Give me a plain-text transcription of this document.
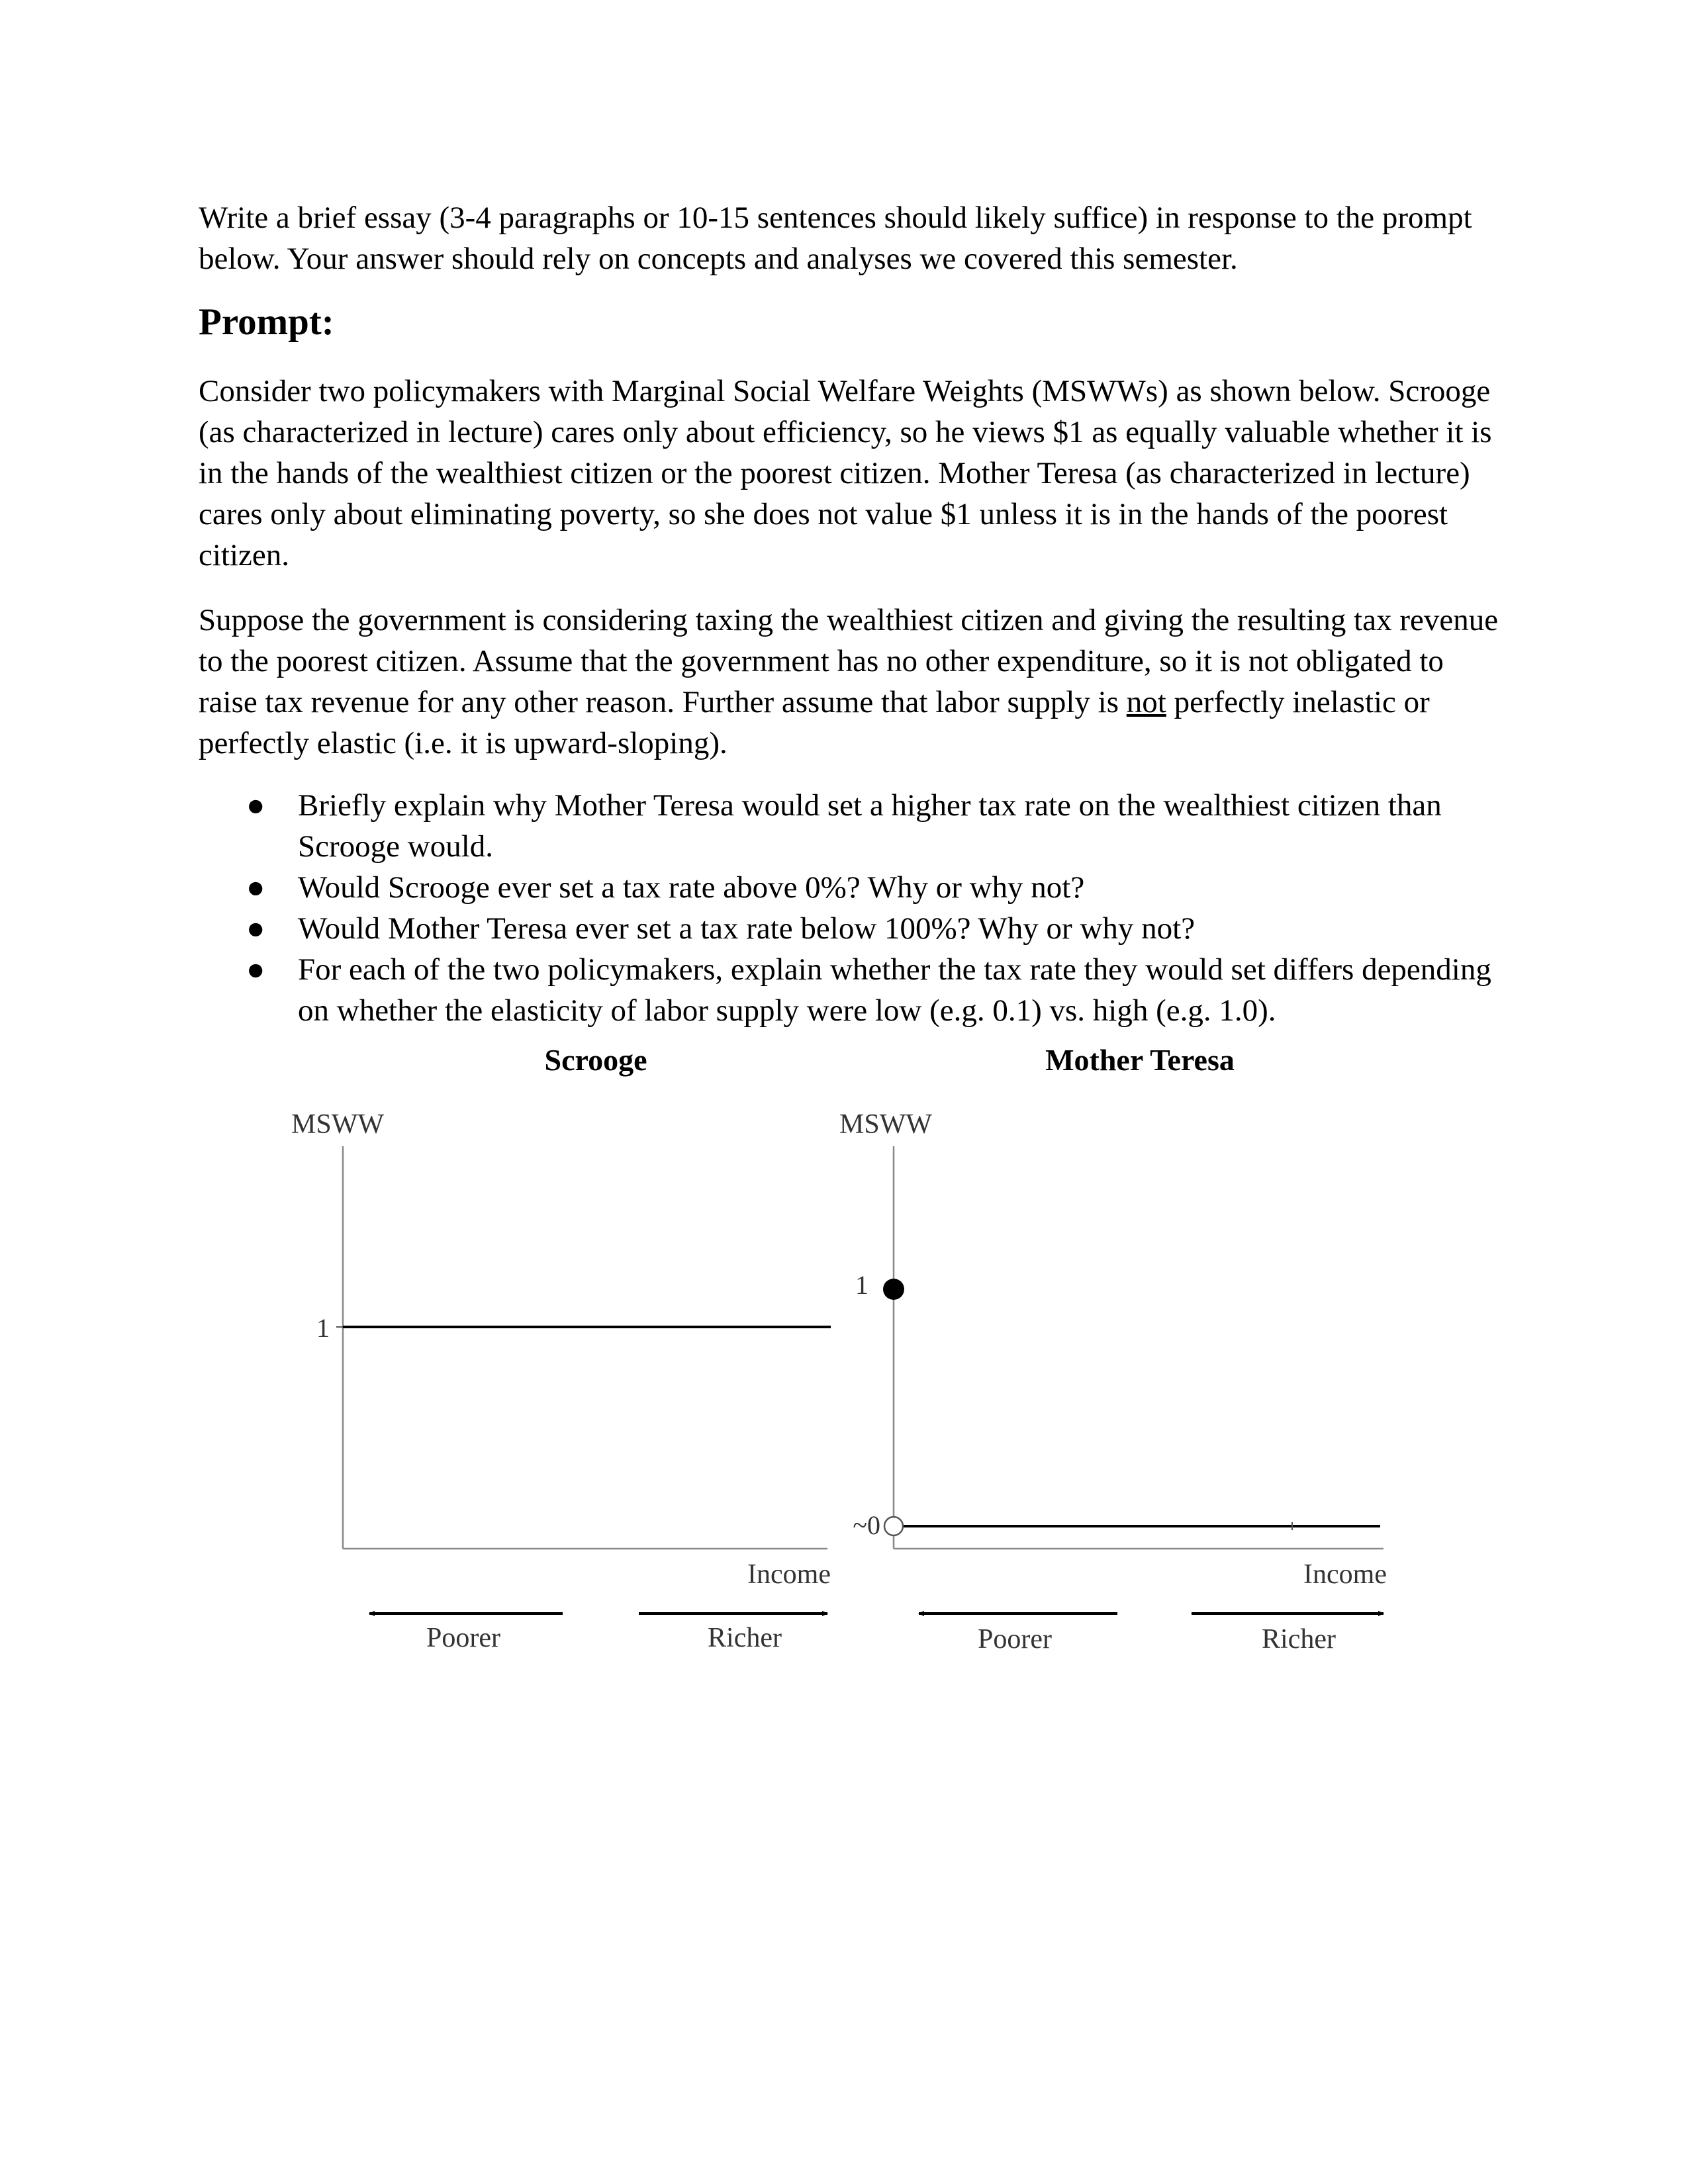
Write a brief essay (3-4 paragraphs or 10-15 sentences should likely suffice) in response to the prompt below. Your answer should rely on concepts and analyses we covered this semester.
Prompt:
Consider two policymakers with Marginal Social Welfare Weights (MSWWs) as shown below. Scrooge (as characterized in lecture) cares only about efficiency, so he views $1 as equally valuable whether it is in the hands of the wealthiest citizen or the poorest citizen. Mother Teresa (as characterized in lecture) cares only about eliminating poverty, so she does not value $1 unless it is in the hands of the poorest citizen.
Suppose the government is considering taxing the wealthiest citizen and giving the resulting tax revenue to the poorest citizen. Assume that the government has no other expenditure, so it is not obligated to raise tax revenue for any other reason. Further assume that labor supply is not perfectly inelastic or perfectly elastic (i.e. it is upward-sloping).
● Briefly explain why Mother Teresa would set a higher tax rate on the wealthiest citizen than Scrooge would.
● Would Scrooge ever set a tax rate above 0%? Why or why not?
● Would Mother Teresa ever set a tax rate below 100%? Why or why not?
● For each of the two policymakers, explain whether the tax rate they would set differs depending on whether the elasticity of labor supply were low (e.g. 0.1) vs. high (e.g. 1.0).
Scrooge
MSWW
1
Income
Poorer	Richer
Mother Teresa
MSWW
1
~0
Income
Poorer	Richer
